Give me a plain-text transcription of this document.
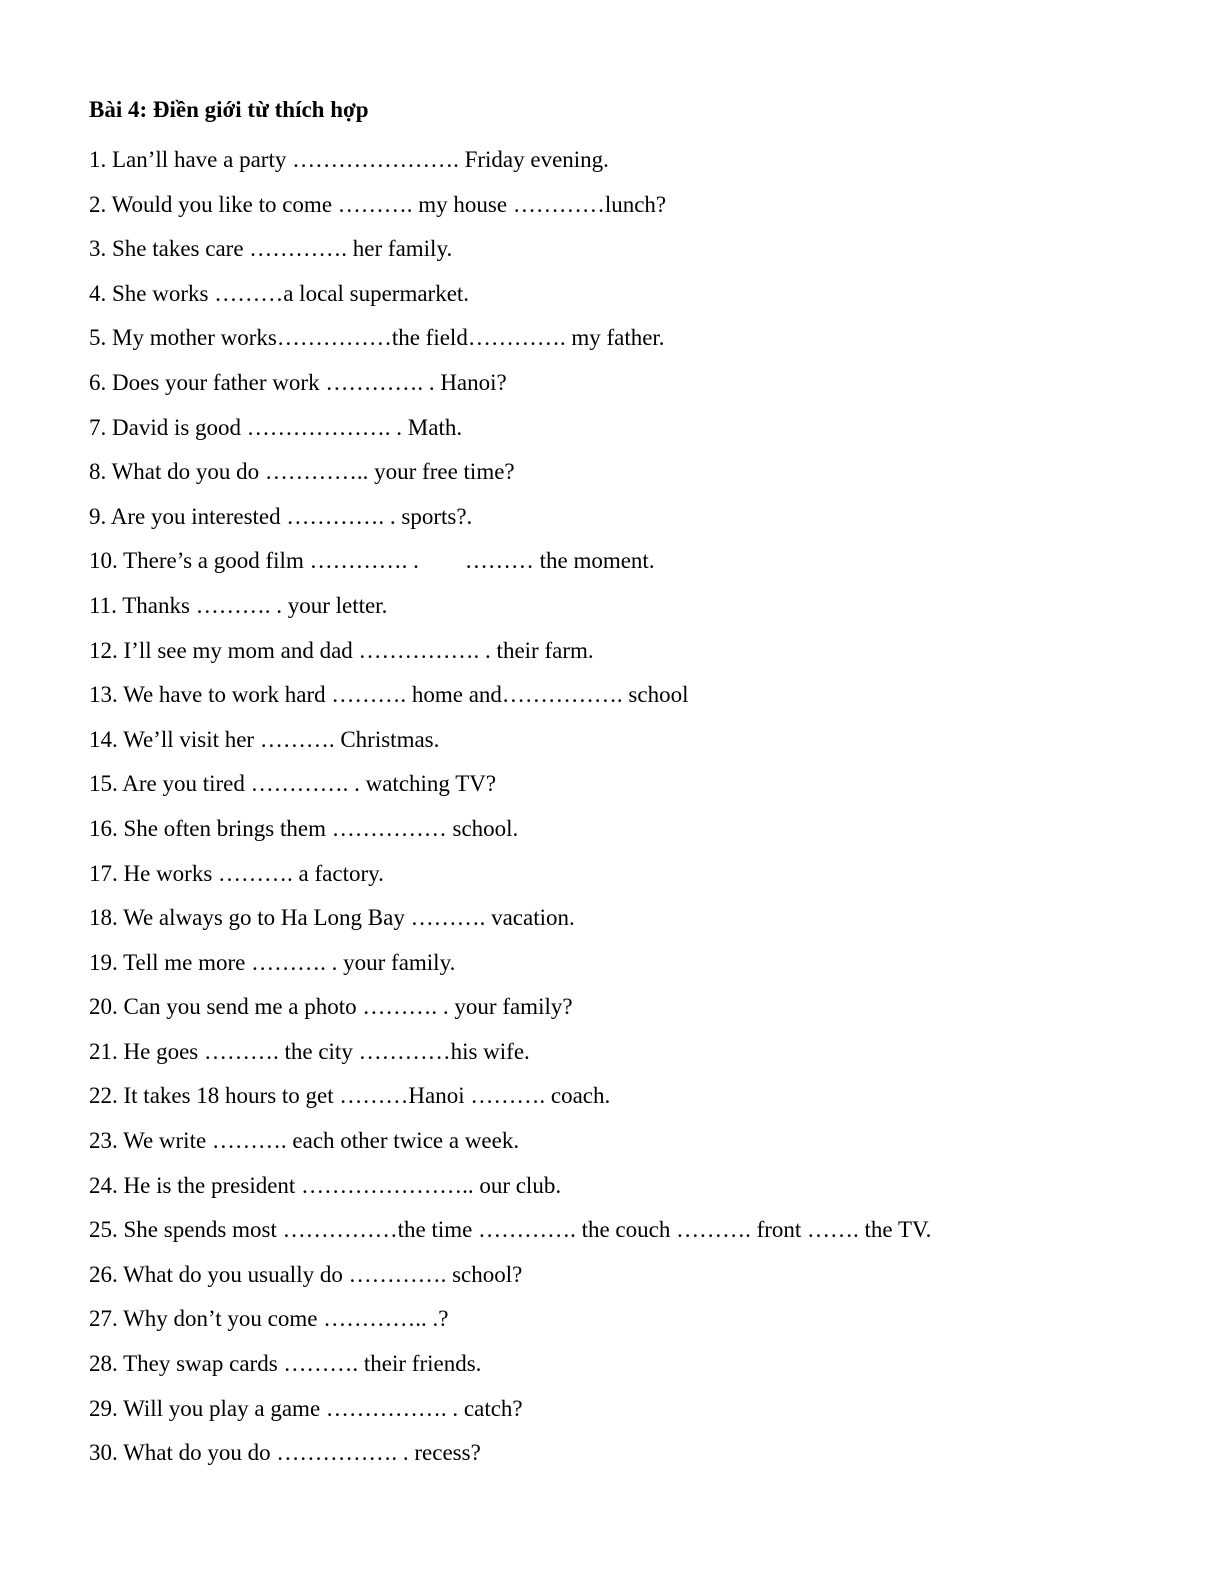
Bài 4: Điền giới từ thích hợp
1. Lan’ll have a party …………………. Friday evening.
2. Would you like to come ………. my house …………lunch?
3. She takes care …………. her family.
4. She works ………a local supermarket.
5. My mother works……………the field…………. my father.
6. Does your father work …………. . Hanoi?
7. David is good ………………. . Math.
8. What do you do ………….. your free time?
9. Are you interested …………. . sports?.
10. There’s a good film …………. .        ……… the moment.
11. Thanks ………. . your letter.
12. I’ll see my mom and dad ……………. . their farm.
13. We have to work hard ………. home and……………. school
14. We’ll visit her ………. Christmas.
15. Are you tired …………. . watching TV?
16. She often brings them …………… school.
17. He works ………. a factory.
18. We always go to Ha Long Bay ………. vacation.
19. Tell me more ………. . your family.
20. Can you send me a photo ………. . your family?
21. He goes ………. the city …………his wife.
22. It takes 18 hours to get ………Hanoi ………. coach.
23. We write ………. each other twice a week.
24. He is the president ………………….. our club.
25. She spends most ……………the time …………. the couch ………. front ……. the TV.
26. What do you usually do …………. school?
27. Why don’t you come ………….. .?
28. They swap cards ………. their friends.
29. Will you play a game ……………. . catch?
30. What do you do ……………. . recess?
